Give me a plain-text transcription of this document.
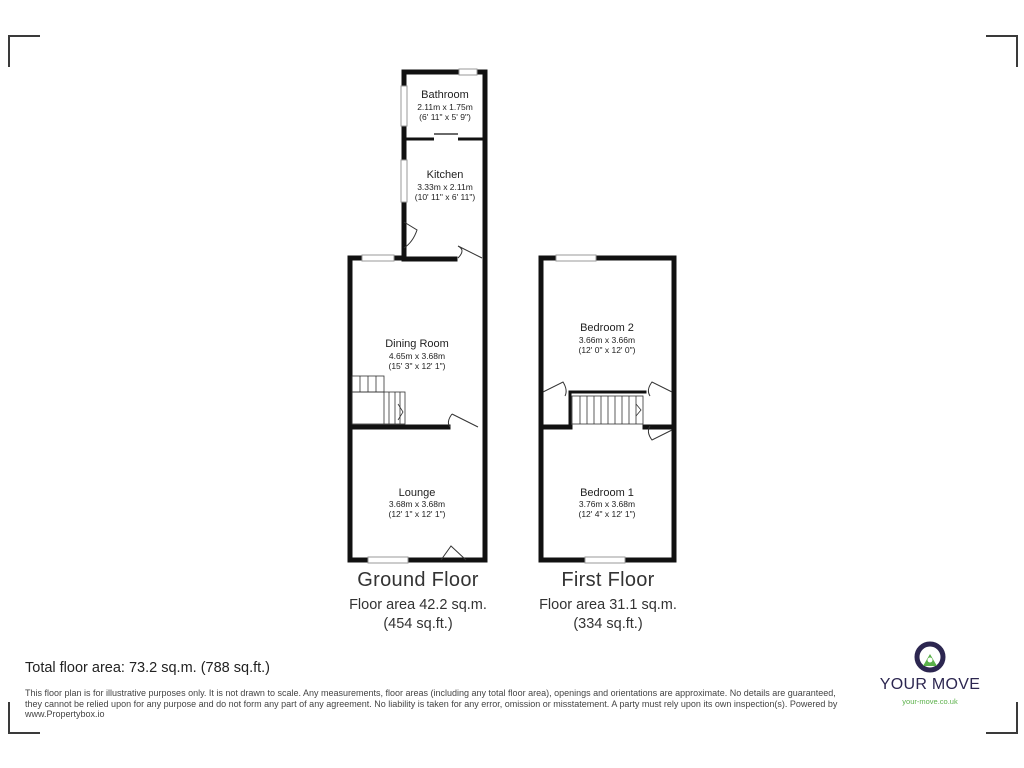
Bathroom
2.11m x 1.75m
(6' 11" x 5' 9")
Kitchen
3.33m x 2.11m
(10' 11" x 6' 11")
Dining Room
4.65m x 3.68m
(15' 3" x 12' 1")
Lounge
3.68m x 3.68m
(12' 1" x 12' 1")
Bedroom 2
3.66m x 3.66m
(12' 0" x 12' 0")
Bedroom 1
3.76m x 3.68m
(12' 4" x 12' 1")
Ground Floor
Floor area 42.2 sq.m.
(454 sq.ft.)
First Floor
Floor area 31.1 sq.m.
(334 sq.ft.)
Total floor area: 73.2 sq.m. (788 sq.ft.)
This floor plan is for illustrative purposes only. It is not drawn to scale. Any measurements, floor areas (including any total floor area), openings and orientations are approximate. No details are guaranteed, they cannot be relied upon for any purpose and do not form any part of any agreement. No liability is taken for any error, omission or misstatement. A party must rely upon its own inspection(s). Powered by www.Propertybox.io
YOUR MOVE
your-move.co.uk
